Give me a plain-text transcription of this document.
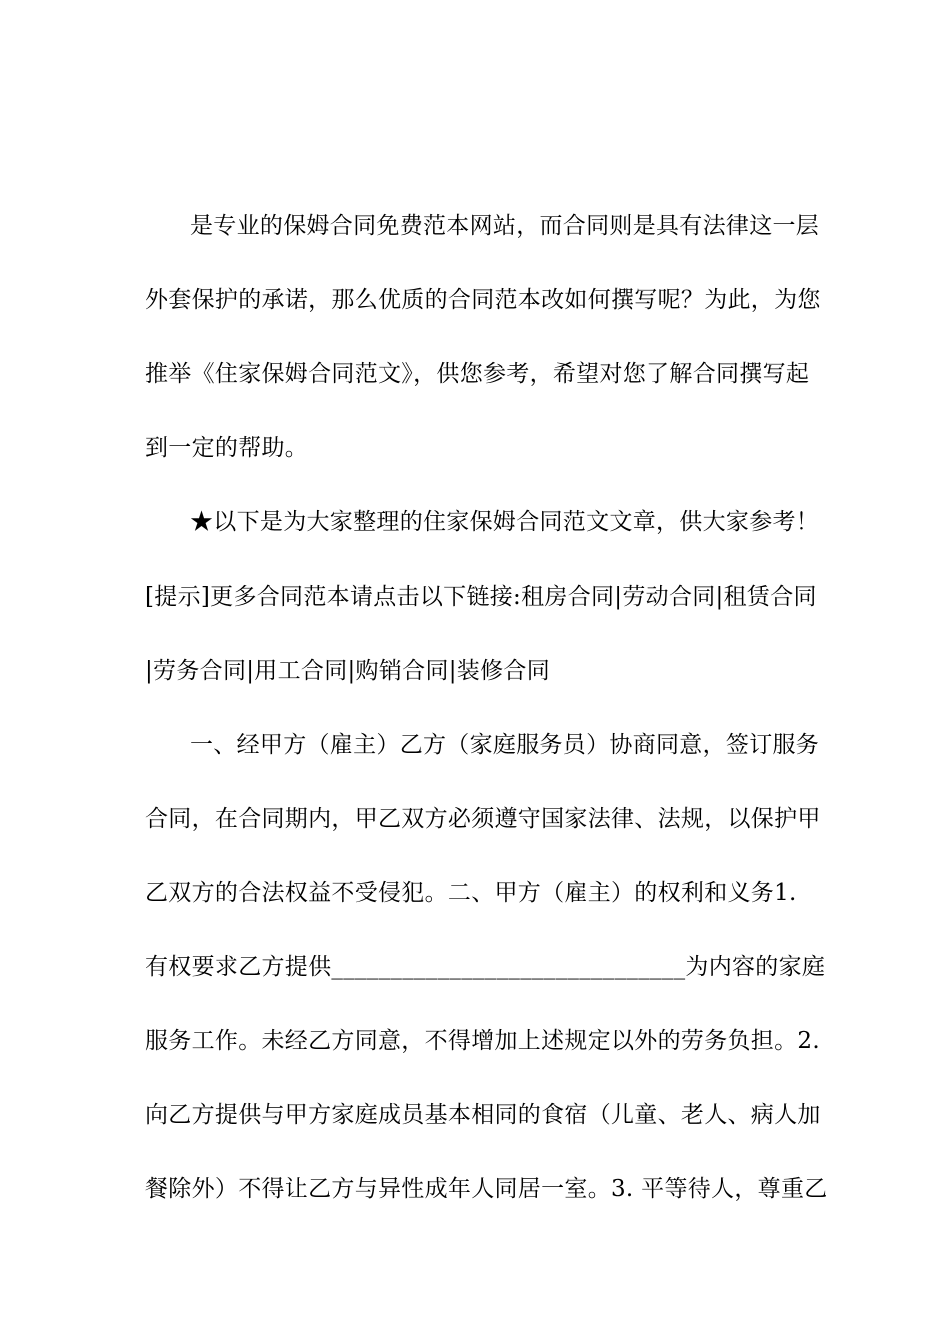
是专业的保姆合同免费范本网站，而合同则是具有法律这一层
外套保护的承诺，那么优质的合同范本改如何撰写呢？为此，为您
推举《住家保姆合同范文》，供您参考，希望对您了解合同撰写起
到一定的帮助。
★以下是为大家整理的住家保姆合同范文文章，供大家参考！
[提示]更多合同范本请点击以下链接:租房合同|劳动合同|租赁合同
|劳务合同|用工合同|购销合同|装修合同
一、经甲方（雇主）乙方（家庭服务员）协商同意，签订服务
合同，在合同期内，甲乙双方必须遵守国家法律、法规，以保护甲
乙双方的合法权益不受侵犯。二、甲方（雇主）的权利和义务1.
有权要求乙方提供______________________________为内容的家庭
服务工作。未经乙方同意，不得增加上述规定以外的劳务负担。2.
向乙方提供与甲方家庭成员基本相同的食宿（儿童、老人、病人加
餐除外）不得让乙方与异性成年人同居一室。3. 平等待人，尊重乙
